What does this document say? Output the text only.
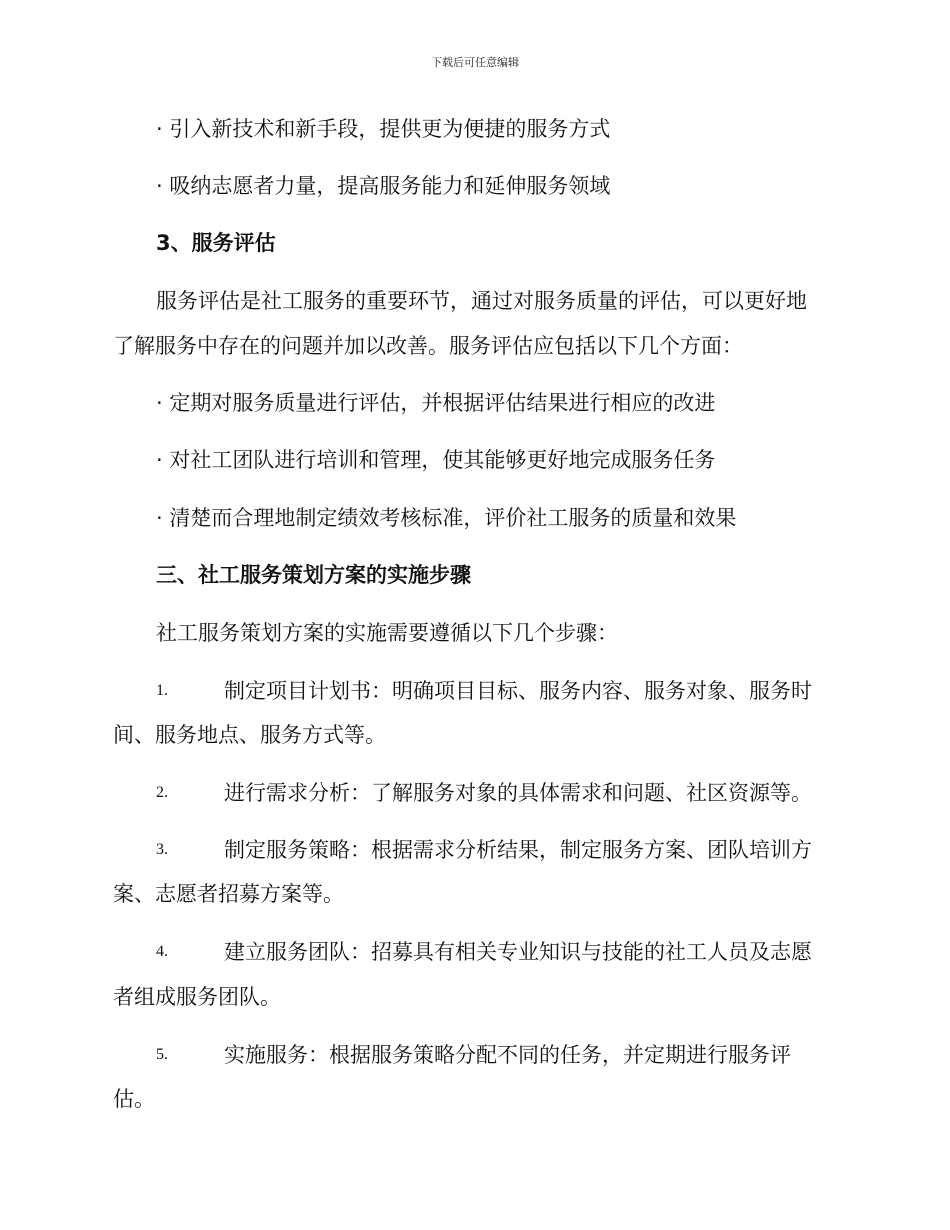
下载后可任意编辑
· 引入新技术和新手段，提供更为便捷的服务方式
· 吸纳志愿者力量，提高服务能力和延伸服务领域
3、服务评估
服务评估是社工服务的重要环节，通过对服务质量的评估，可以更好地
了解服务中存在的问题并加以改善。服务评估应包括以下几个方面：
· 定期对服务质量进行评估，并根据评估结果进行相应的改进
· 对社工团队进行培训和管理，使其能够更好地完成服务任务
· 清楚而合理地制定绩效考核标准，评价社工服务的质量和效果
三、社工服务策划方案的实施步骤
社工服务策划方案的实施需要遵循以下几个步骤：
1.	制定项目计划书：明确项目目标、服务内容、服务对象、服务时
间、服务地点、服务方式等。
2.	进行需求分析：了解服务对象的具体需求和问题、社区资源等。
3.	制定服务策略：根据需求分析结果，制定服务方案、团队培训方
案、志愿者招募方案等。
4.	建立服务团队：招募具有相关专业知识与技能的社工人员及志愿
者组成服务团队。
5.	实施服务：根据服务策略分配不同的任务，并定期进行服务评
估。
